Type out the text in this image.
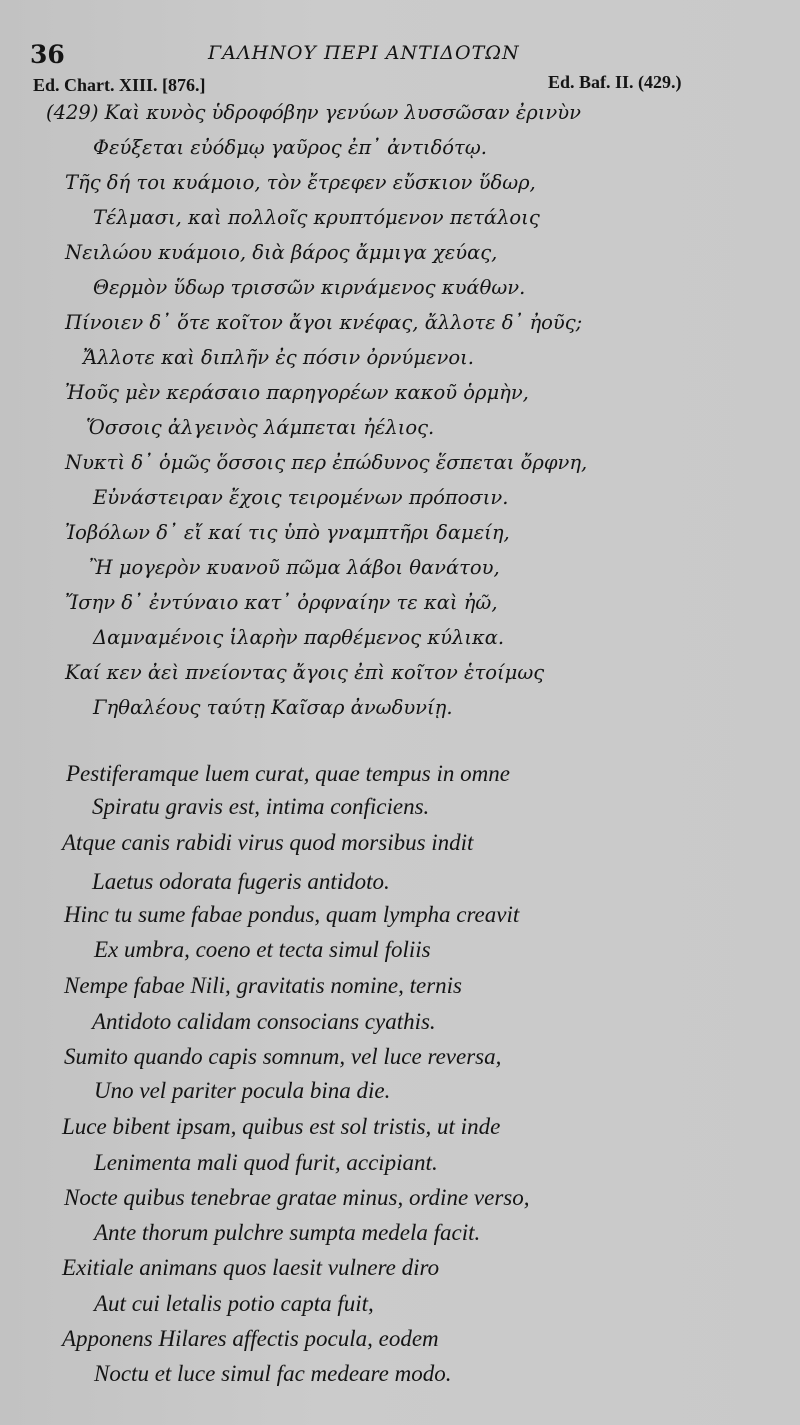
36	ΓΑΛΗΝΟΥ ΠΕΡΙ ΑΝΤΙΔΟΤΩΝ
Ed. Chart. XIII. [876.]	Ed. Baf. II. (429.)
(429) Καὶ κυνὸς ὑδροφόβην γενύων λυσσῶσαν ἐρινὺν
Φεύξεται εὐόδμῳ γαῦρος ἐπ᾽ ἀντιδότῳ.
Τῆς δή τοι κυάμοιο, τὸν ἔτρεφεν εὔσκιον ὕδωρ,
Τέλμασι, καὶ πολλοῖς κρυπτόμενον πετάλοις
Νειλώου κυάμοιο, διὰ βάρος ἄμμιγα χεύας,
Θερμὸν ὕδωρ τρισσῶν κιρνάμενος κυάθων.
Πίνοιεν δ᾽ ὅτε κοῖτον ἄγοι κνέφας, ἄλλοτε δ᾽ ἠοῦς;
Ἄλλοτε καὶ διπλῆν ἐς πόσιν ὀρνύμενοι.
Ἠοῦς μὲν κεράσαιο παρηγορέων κακοῦ ὁρμὴν,
Ὅσσοις ἀλγεινὸς λάμπεται ἠέλιος.
Νυκτὶ δ᾽ ὁμῶς ὅσσοις περ ἐπώδυνος ἕσπεται ὄρφνη,
Εὐνάστειραν ἔχοις τειρομένων πρόποσιν.
Ἰοβόλων δ᾽ εἴ καί τις ὑπὸ γναμπτῆρι δαμείη,
Ἢ μογερὸν κυανοῦ πῶμα λάβοι θανάτου,
Ἴσην δ᾽ ἐντύναιο κατ᾽ ὀρφναίην τε καὶ ἠῶ,
Δαμναμένοις ἱλαρὴν παρθέμενος κύλικα.
Καί κεν ἀεὶ πνείοντας ἄγοις ἐπὶ κοῖτον ἑτοίμως
Γηθαλέους ταύτῃ Καῖσαρ ἀνωδυνίῃ.
Pestiferamque luem curat, quae tempus in omne
Spiratu gravis est, intima conficiens.
Atque canis rabidi virus quod morsibus indit
Laetus odorata fugeris antidoto.
Hinc tu sume fabae pondus, quam lympha creavit
Ex umbra, coeno et tecta simul foliis
Nempe fabae Nili, gravitatis nomine, ternis
Antidoto calidam consocians cyathis.
Sumito quando capis somnum, vel luce reversa,
Uno vel pariter pocula bina die.
Luce bibent ipsam, quibus est sol tristis, ut inde
Lenimenta mali quod furit, accipiant.
Nocte quibus tenebrae gratae minus, ordine verso,
Ante thorum pulchre sumpta medela facit.
Exitiale animans quos laesit vulnere diro
Aut cui letalis potio capta fuit,
Apponens Hilares affectis pocula, eodem
Noctu et luce simul fac medeare modo.
